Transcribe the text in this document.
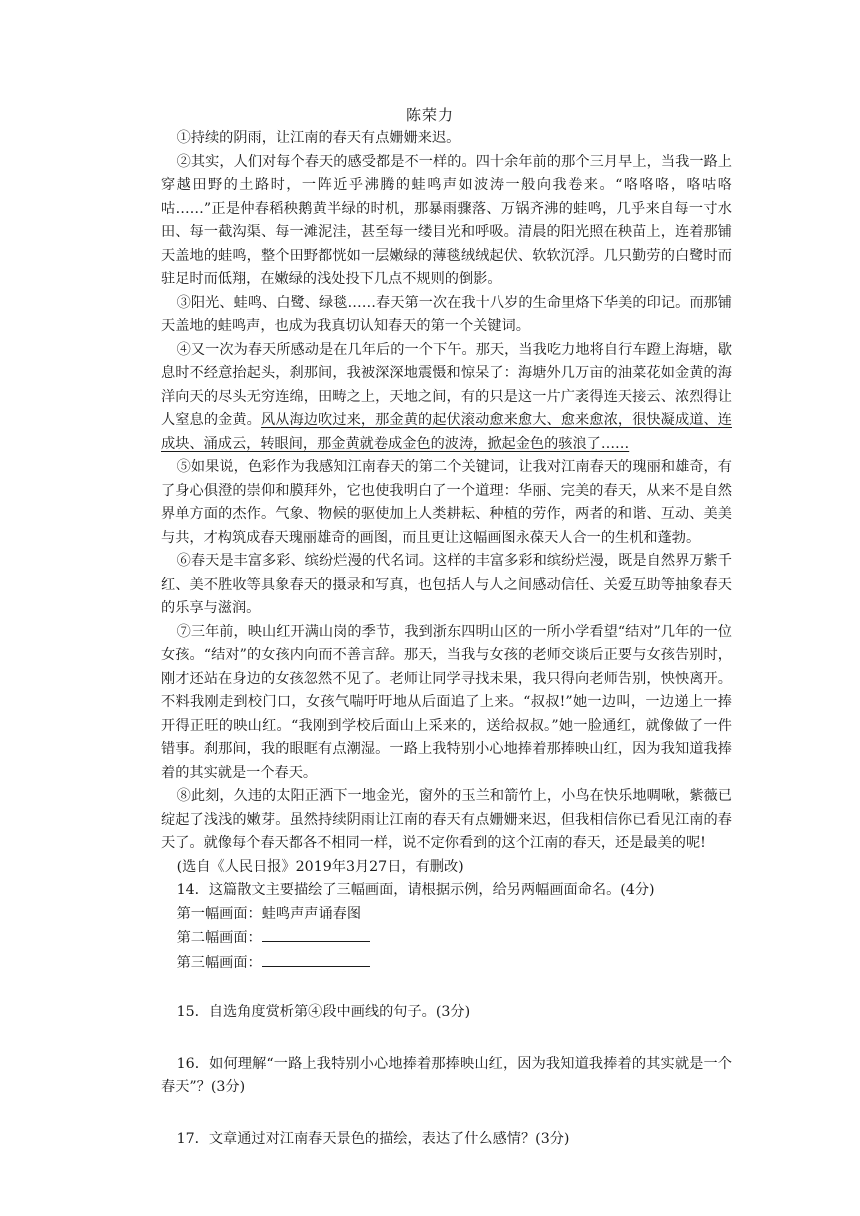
陈荣力

①持续的阴雨，让江南的春天有点姗姗来迟。

②其实，人们对每个春天的感受都是不一样的。四十余年前的那个三月早上，当我一路上穿越田野的土路时，一阵近乎沸腾的蛙鸣声如波涛一般向我卷来。“咯咯咯，咯咕咯咕……”正是仲春稻秧鹅黄半绿的时机，那暴雨骤落、万锅齐沸的蛙鸣，几乎来自每一寸水田、每一截沟渠、每一滩泥洼，甚至每一缕目光和呼吸。清晨的阳光照在秧苗上，连着那铺天盖地的蛙鸣，整个田野都恍如一层嫩绿的薄毯绒绒起伏、软软沉浮。几只勤劳的白鹭时而驻足时而低翔，在嫩绿的浅处投下几点不规则的倒影。

③阳光、蛙鸣、白鹭、绿毯……春天第一次在我十八岁的生命里烙下华美的印记。而那铺天盖地的蛙鸣声，也成为我真切认知春天的第一个关键词。

④又一次为春天所感动是在几年后的一个下午。那天，当我吃力地将自行车蹬上海塘，歇息时不经意抬起头，刹那间，我被深深地震慑和惊呆了：海塘外几万亩的油菜花如金黄的海洋向天的尽头无穷连绵，田畴之上，天地之间，有的只是这一片广袤得连天接云、浓烈得让人窒息的金黄。风从海边吹过来，那金黄的起伏滚动愈来愈大、愈来愈浓，很快凝成道、连成块、涌成云，转眼间，那金黄就卷成金色的波涛，掀起金色的骇浪了……

⑤如果说，色彩作为我感知江南春天的第二个关键词，让我对江南春天的瑰丽和雄奇，有了身心俱澄的崇仰和膜拜外，它也使我明白了一个道理：华丽、完美的春天，从来不是自然界单方面的杰作。气象、物候的驱使加上人类耕耘、种植的劳作，两者的和谐、互动、美美与共，才构筑成春天瑰丽雄奇的画图，而且更让这幅画图永葆天人合一的生机和蓬勃。

⑥春天是丰富多彩、缤纷烂漫的代名词。这样的丰富多彩和缤纷烂漫，既是自然界万紫千红、美不胜收等具象春天的摄录和写真，也包括人与人之间感动信任、关爱互助等抽象春天的乐享与滋润。

⑦三年前，映山红开满山岗的季节，我到浙东四明山区的一所小学看望“结对”几年的一位女孩。“结对”的女孩内向而不善言辞。那天，当我与女孩的老师交谈后正要与女孩告别时，刚才还站在身边的女孩忽然不见了。老师让同学寻找未果，我只得向老师告别，怏怏离开。不料我刚走到校门口，女孩气喘吁吁地从后面追了上来。“叔叔!”她一边叫，一边递上一捧开得正旺的映山红。“我刚到学校后面山上采来的，送给叔叔。”她一脸通红，就像做了一件错事。刹那间，我的眼眶有点潮湿。一路上我特别小心地捧着那捧映山红，因为我知道我捧着的其实就是一个春天。

⑧此刻，久违的太阳正洒下一地金光，窗外的玉兰和箭竹上，小鸟在快乐地啁啾，紫薇已绽起了浅浅的嫩芽。虽然持续阴雨让江南的春天有点姗姗来迟，但我相信你已看见江南的春天了。就像每个春天都各不相同一样，说不定你看到的这个江南的春天，还是最美的呢!

(选自《人民日报》2019年3月27日，有删改)

14．这篇散文主要描绘了三幅画面，请根据示例，给另两幅画面命名。(4分)

第一幅画面：蛙鸣声声诵春图

第二幅画面：

第三幅画面：

15．自选角度赏析第④段中画线的句子。(3分)

16．如何理解“一路上我特别小心地捧着那捧映山红，因为我知道我捧着的其实就是一个春天”？(3分)

17．文章通过对江南春天景色的描绘，表达了什么感情？(3分)
